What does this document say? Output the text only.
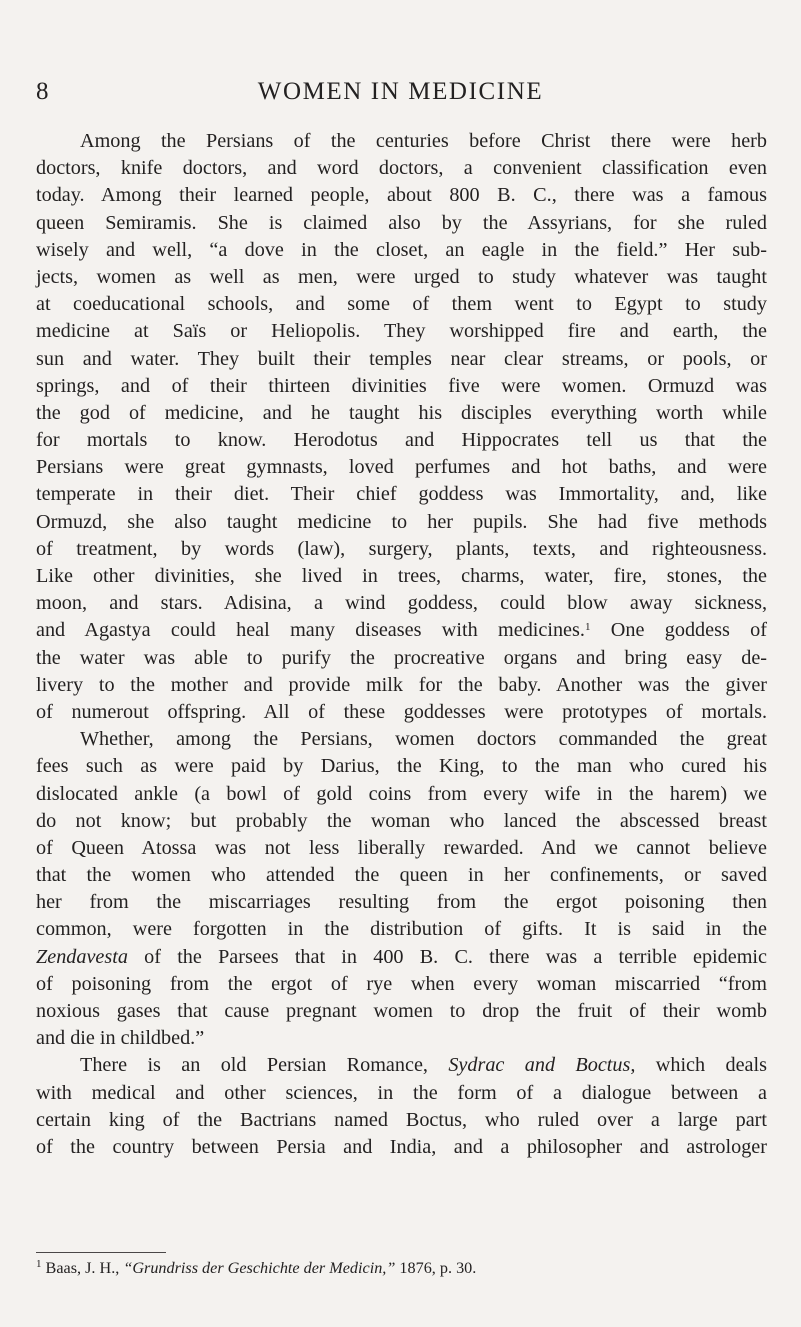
8	WOMEN IN MEDICINE
Among the Persians of the centuries before Christ there were herb
doctors, knife doctors, and word doctors, a convenient classification even
today. Among their learned people, about 800 B. C., there was a famous
queen Semiramis. She is claimed also by the Assyrians, for she ruled
wisely and well, “a dove in the closet, an eagle in the field.” Her sub-
jects, women as well as men, were urged to study whatever was taught
at coeducational schools, and some of them went to Egypt to study
medicine at Saïs or Heliopolis. They worshipped fire and earth, the
sun and water. They built their temples near clear streams, or pools, or
springs, and of their thirteen divinities five were women. Ormuzd was
the god of medicine, and he taught his disciples everything worth while
for mortals to know. Herodotus and Hippocrates tell us that the
Persians were great gymnasts, loved perfumes and hot baths, and were
temperate in their diet. Their chief goddess was Immortality, and, like
Ormuzd, she also taught medicine to her pupils. She had five methods
of treatment, by words (law), surgery, plants, texts, and righteousness.
Like other divinities, she lived in trees, charms, water, fire, stones, the
moon, and stars. Adisina, a wind goddess, could blow away sickness,
and Agastya could heal many diseases with medicines.$^1$ One goddess of
the water was able to purify the procreative organs and bring easy de-
livery to the mother and provide milk for the baby. Another was the giver
of numerout offspring. All of these goddesses were prototypes of mortals.
Whether, among the Persians, women doctors commanded the great
fees such as were paid by Darius, the King, to the man who cured his
dislocated ankle (a bowl of gold coins from every wife in the harem) we
do not know; but probably the woman who lanced the abscessed breast
of Queen Atossa was not less liberally rewarded. And we cannot believe
that the women who attended the queen in her confinements, or saved
her from the miscarriages resulting from the ergot poisoning then
common, were forgotten in the distribution of gifts. It is said in the
Zendavesta of the Parsees that in 400 B. C. there was a terrible epidemic
of poisoning from the ergot of rye when every woman miscarried “from
noxious gases that cause pregnant women to drop the fruit of their womb
and die in childbed.”
There is an old Persian Romance, Sydrac and Boctus, which deals
with medical and other sciences, in the form of a dialogue between a
certain king of the Bactrians named Boctus, who ruled over a large part
of the country between Persia and India, and a philosopher and astrologer
$^1$ Baas, J. H., “Grundriss der Geschichte der Medicin,” 1876, p. 30.
